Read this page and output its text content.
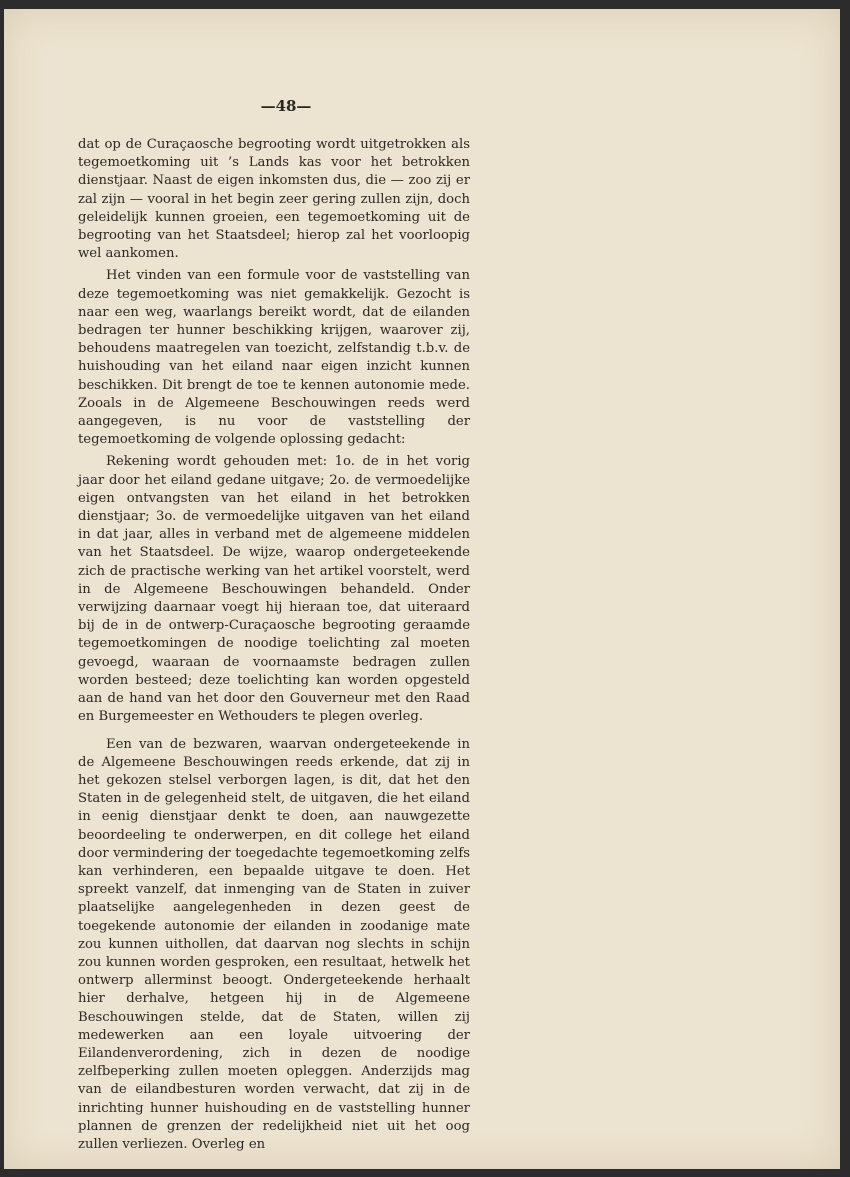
—48—

dat op de Curaçaosche begrooting wordt uitgetrokken als tegemoetkoming uit ’s Lands kas voor het betrokken dienstjaar. Naast de eigen inkomsten dus, die — zoo zij er zal zijn — vooral in het begin zeer gering zullen zijn, doch geleidelijk kunnen groeien, een tegemoetkoming uit de begrooting van het Staatsdeel; hierop zal het voorloopig wel aankomen.

Het vinden van een formule voor de vaststelling van deze tegemoetkoming was niet gemakkelijk. Gezocht is naar een weg, waarlangs bereikt wordt, dat de eilanden bedragen ter hunner beschikking krijgen, waarover zij, behoudens maatregelen van toezicht, zelfstandig t.b.v. de huishouding van het eiland naar eigen inzicht kunnen beschikken. Dit brengt de toe te kennen autonomie mede. Zooals in de Algemeene Beschouwingen reeds werd aangegeven, is nu voor de vaststelling der tegemoetkoming de volgende oplossing gedacht:

Rekening wordt gehouden met: 1o. de in het vorig jaar door het eiland gedane uitgave; 2o. de vermoedelijke eigen ontvangsten van het eiland in het betrokken dienstjaar; 3o. de vermoedelijke uitgaven van het eiland in dat jaar, alles in verband met de algemeene middelen van het Staatsdeel. De wijze, waarop ondergeteekende zich de practische werking van het artikel voorstelt, werd in de Algemeene Beschouwingen behandeld. Onder verwijzing daarnaar voegt hij hieraan toe, dat uiteraard bij de in de ontwerp-Curaçaosche begrooting geraamde tegemoetkomingen de noodige toelichting zal moeten gevoegd, waaraan de voornaamste bedragen zullen worden besteed; deze toelichting kan worden opgesteld aan de hand van het door den Gouverneur met den Raad en Burgemeester en Wethouders te plegen overleg.

Een van de bezwaren, waarvan ondergeteekende in de Algemeene Beschouwingen reeds erkende, dat zij in het gekozen stelsel verborgen lagen, is dit, dat het den Staten in de gelegenheid stelt, de uitgaven, die het eiland in eenig dienstjaar denkt te doen, aan nauwgezette beoordeeling te onderwerpen, en dit college het eiland door vermindering der toegedachte tegemoetkoming zelfs kan verhinderen, een bepaalde uitgave te doen. Het spreekt vanzelf, dat inmenging van de Staten in zuiver plaatselijke aangelegenheden in dezen geest de toegekende autonomie der eilanden in zoodanige mate zou kunnen uithollen, dat daarvan nog slechts in schijn zou kunnen worden gesproken, een resultaat, hetwelk het ontwerp allerminst beoogt. Ondergeteekende herhaalt hier derhalve, hetgeen hij in de Algemeene Beschouwingen stelde, dat de Staten, willen zij medewerken aan een loyale uitvoering der Eilandenverordening, zich in dezen de noodige zelfbeperking zullen moeten opleggen. Anderzijds mag van de eilandbesturen worden verwacht, dat zij in de inrichting hunner huishouding en de vaststelling hunner plannen de grenzen der redelijkheid niet uit het oog zullen verliezen. Overleg en
